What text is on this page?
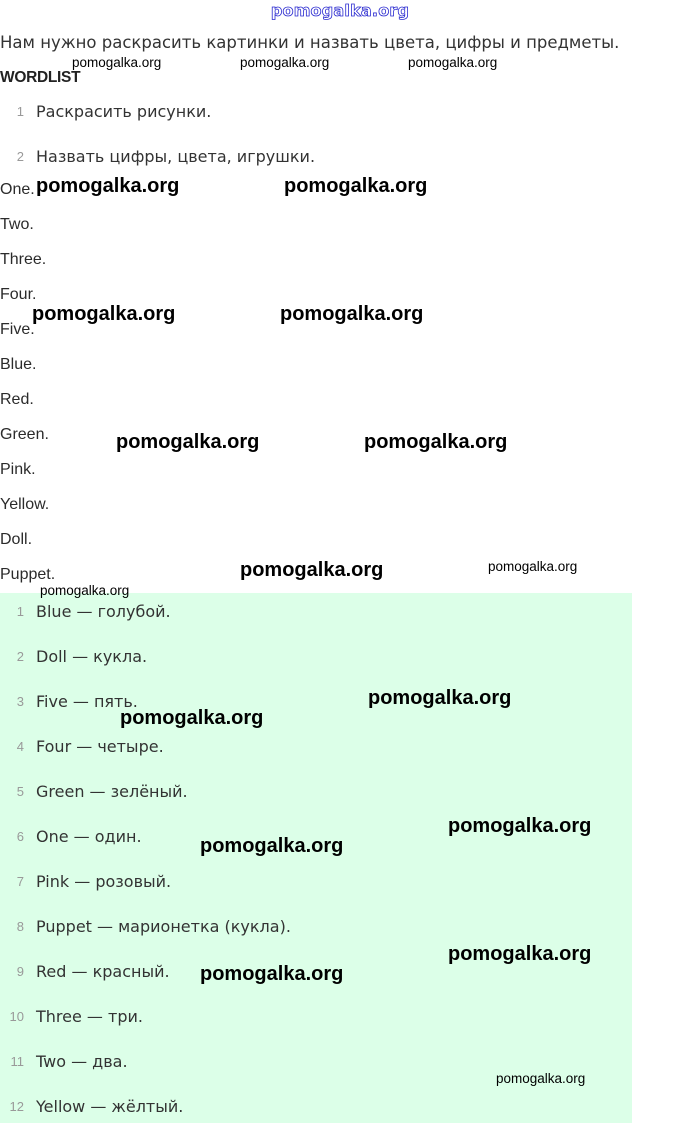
pomogalka.org
Нам нужно раскрасить картинки и назвать цвета, цифры и предметы.
WORDLIST
1 Раскрасить рисунки.
2 Назвать цифры, цвета, игрушки.
One.
Two.
Three.
Four.
Five.
Blue.
Red.
Green.
Pink.
Yellow.
Doll.
Puppet.
1 Blue — голубой.
2 Doll — кукла.
3 Five — пять.
4 Four — четыре.
5 Green — зелёный.
6 One — один.
7 Pink — розовый.
8 Puppet — марионетка (кукла).
9 Red — красный.
10 Three — три.
11 Two — два.
12 Yellow — жёлтый.
pomogalka.org	pomogalka.org	pomogalka.org
pomogalka.org	pomogalka.org
pomogalka.org	pomogalka.org
pomogalka.org	pomogalka.org
pomogalka.org	pomogalka.org
pomogalka.org
pomogalka.org
pomogalka.org
pomogalka.org
pomogalka.org
pomogalka.org
pomogalka.org
pomogalka.org
